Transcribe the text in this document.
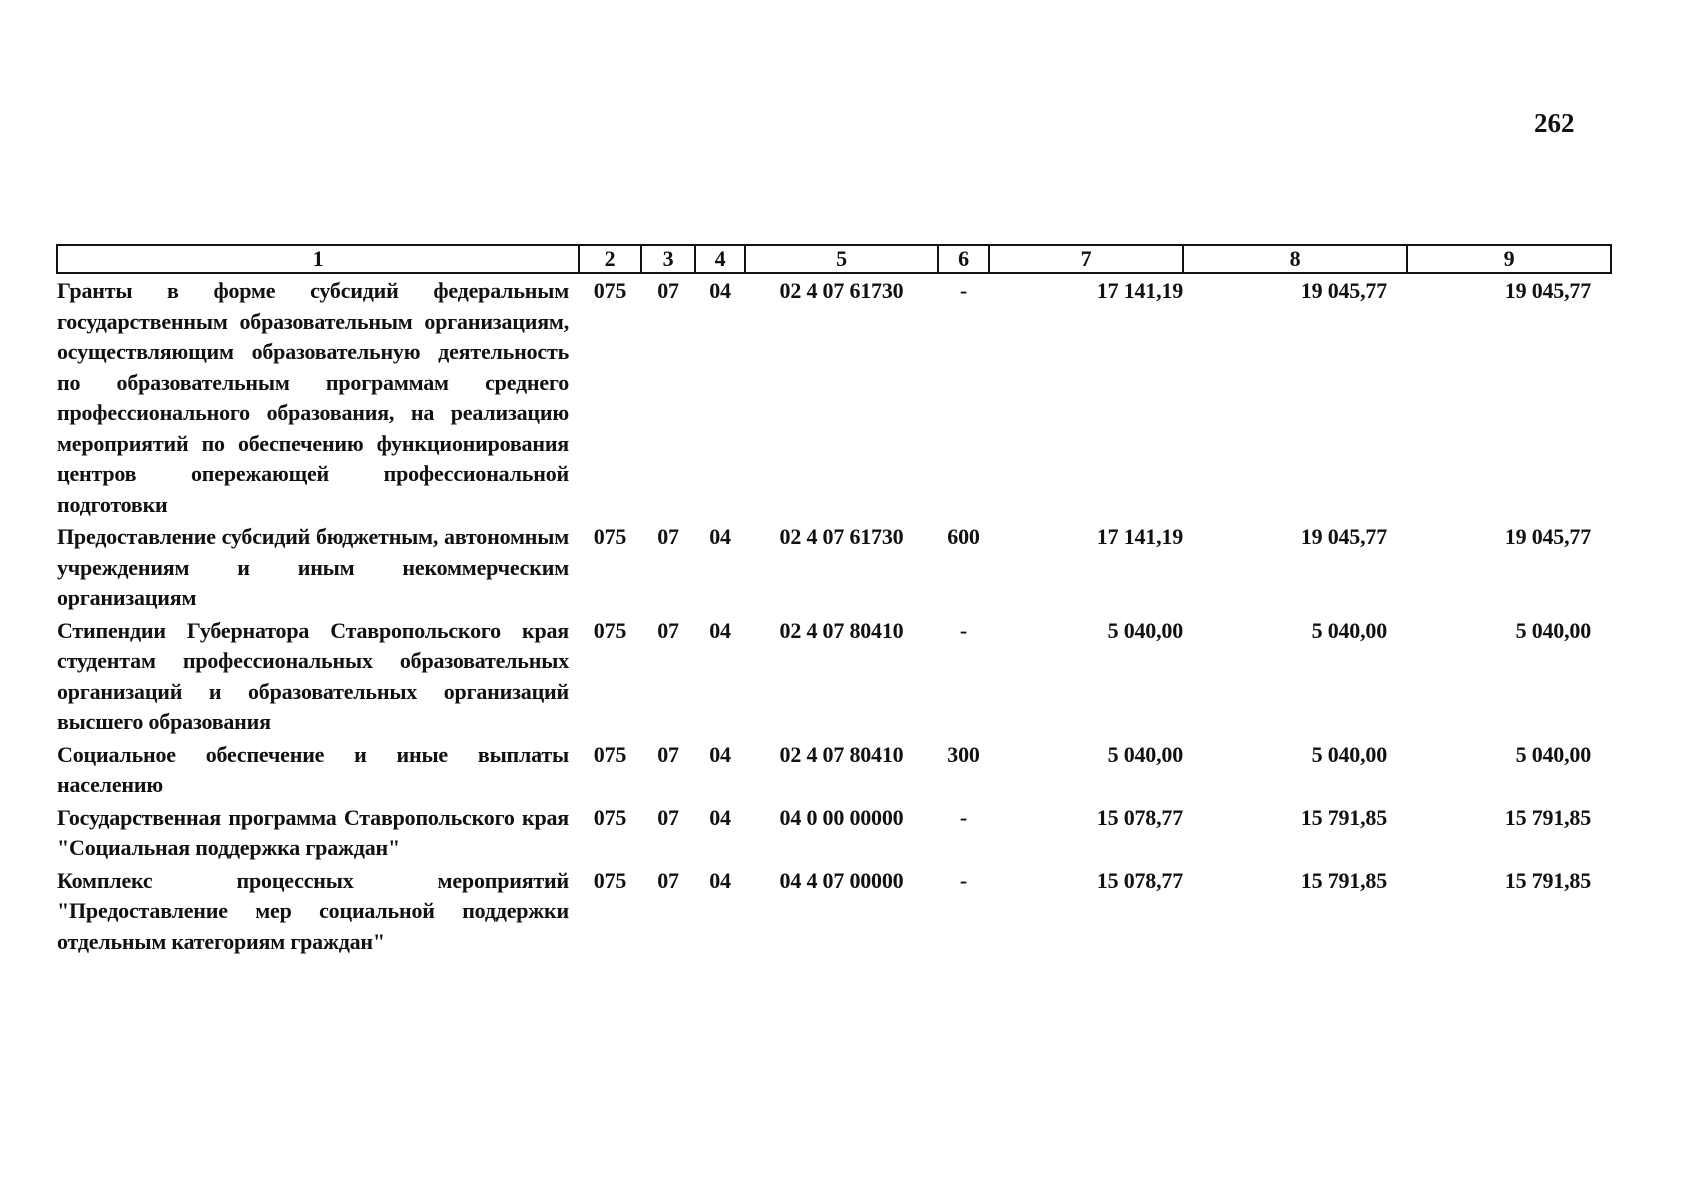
262
1	2	3	4	5	6	7	8	9
Гранты в форме субсидий федеральным государственным образовательным организациям, осуществляющим образовательную деятельность по образовательным программам среднего профессионального образования, на реализацию мероприятий по обеспечению функционирования центров опережающей профессиональной подготовки	075	07	04	02 4 07 61730	-	17 141,19	19 045,77	19 045,77
Предоставление субсидий бюджетным, автономным учреждениям и иным некоммерческим организациям	075	07	04	02 4 07 61730	600	17 141,19	19 045,77	19 045,77
Стипендии Губернатора Ставропольского края студентам профессиональных образовательных организаций и образовательных организаций высшего образования	075	07	04	02 4 07 80410	-	5 040,00	5 040,00	5 040,00
Социальное обеспечение и иные выплаты населению	075	07	04	02 4 07 80410	300	5 040,00	5 040,00	5 040,00
Государственная программа Ставропольского края "Социальная поддержка граждан"	075	07	04	04 0 00 00000	-	15 078,77	15 791,85	15 791,85
Комплекс процессных мероприятий "Предоставление мер социальной поддержки отдельным категориям граждан"	075	07	04	04 4 07 00000	-	15 078,77	15 791,85	15 791,85
